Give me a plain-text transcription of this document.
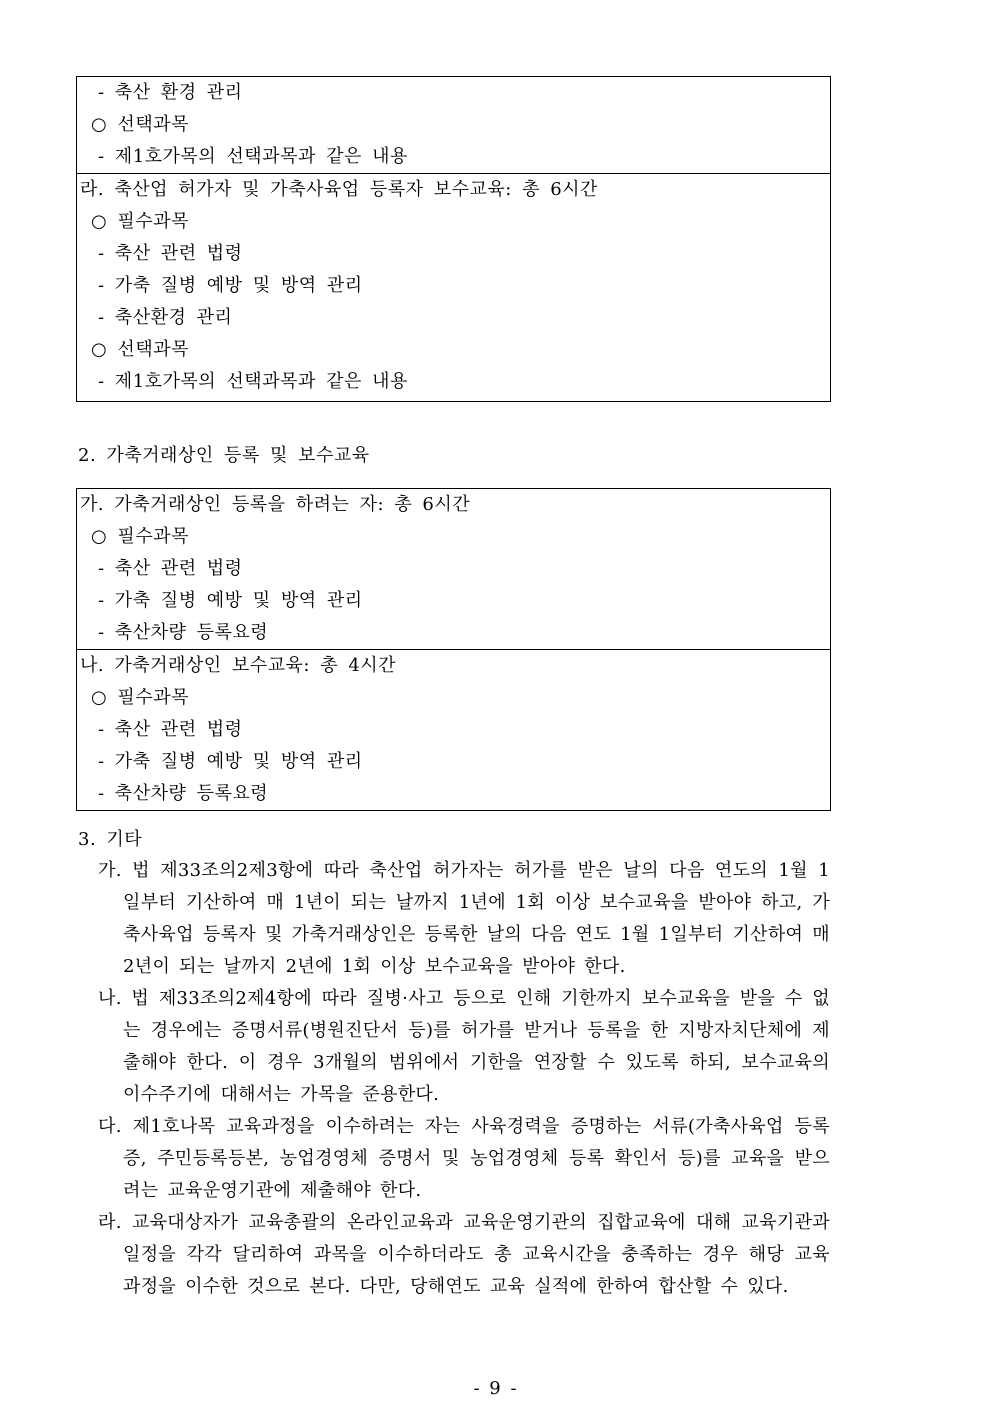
- 축산 환경 관리
○ 선택과목
- 제1호가목의 선택과목과 같은 내용
라. 축산업 허가자 및 가축사육업 등록자 보수교육: 총 6시간
○ 필수과목
- 축산 관련 법령
- 가축 질병 예방 및 방역 관리
- 축산환경 관리
○ 선택과목
- 제1호가목의 선택과목과 같은 내용
2. 가축거래상인 등록 및 보수교육
가. 가축거래상인 등록을 하려는 자: 총 6시간
○ 필수과목
- 축산 관련 법령
- 가축 질병 예방 및 방역 관리
- 축산차량 등록요령
나. 가축거래상인 보수교육: 총 4시간
○ 필수과목
- 축산 관련 법령
- 가축 질병 예방 및 방역 관리
- 축산차량 등록요령
3. 기타

가. 법 제33조의2제3항에 따라 축산업 허가자는 허가를 받은 날의 다음 연도의 1월 1일부터 기산하여 매 1년이 되는 날까지 1년에 1회 이상 보수교육을 받아야 하고, 가축사육업 등록자 및 가축거래상인은 등록한 날의 다음 연도 1월 1일부터 기산하여 매 2년이 되는 날까지 2년에 1회 이상 보수교육을 받아야 한다.

나. 법 제33조의2제4항에 따라 질병·사고 등으로 인해 기한까지 보수교육을 받을 수 없는 경우에는 증명서류(병원진단서 등)를 허가를 받거나 등록을 한 지방자치단체에 제출해야 한다. 이 경우 3개월의 범위에서 기한을 연장할 수 있도록 하되, 보수교육의 이수주기에 대해서는 가목을 준용한다.

다. 제1호나목 교육과정을 이수하려는 자는 사육경력을 증명하는 서류(가축사육업 등록증, 주민등록등본, 농업경영체 증명서 및 농업경영체 등록 확인서 등)를 교육을 받으려는 교육운영기관에 제출해야 한다.

라. 교육대상자가 교육총괄의 온라인교육과 교육운영기관의 집합교육에 대해 교육기관과 일정을 각각 달리하여 과목을 이수하더라도 총 교육시간을 충족하는 경우 해당 교육과정을 이수한 것으로 본다. 다만, 당해연도 교육 실적에 한하여 합산할 수 있다.

- 9 -
